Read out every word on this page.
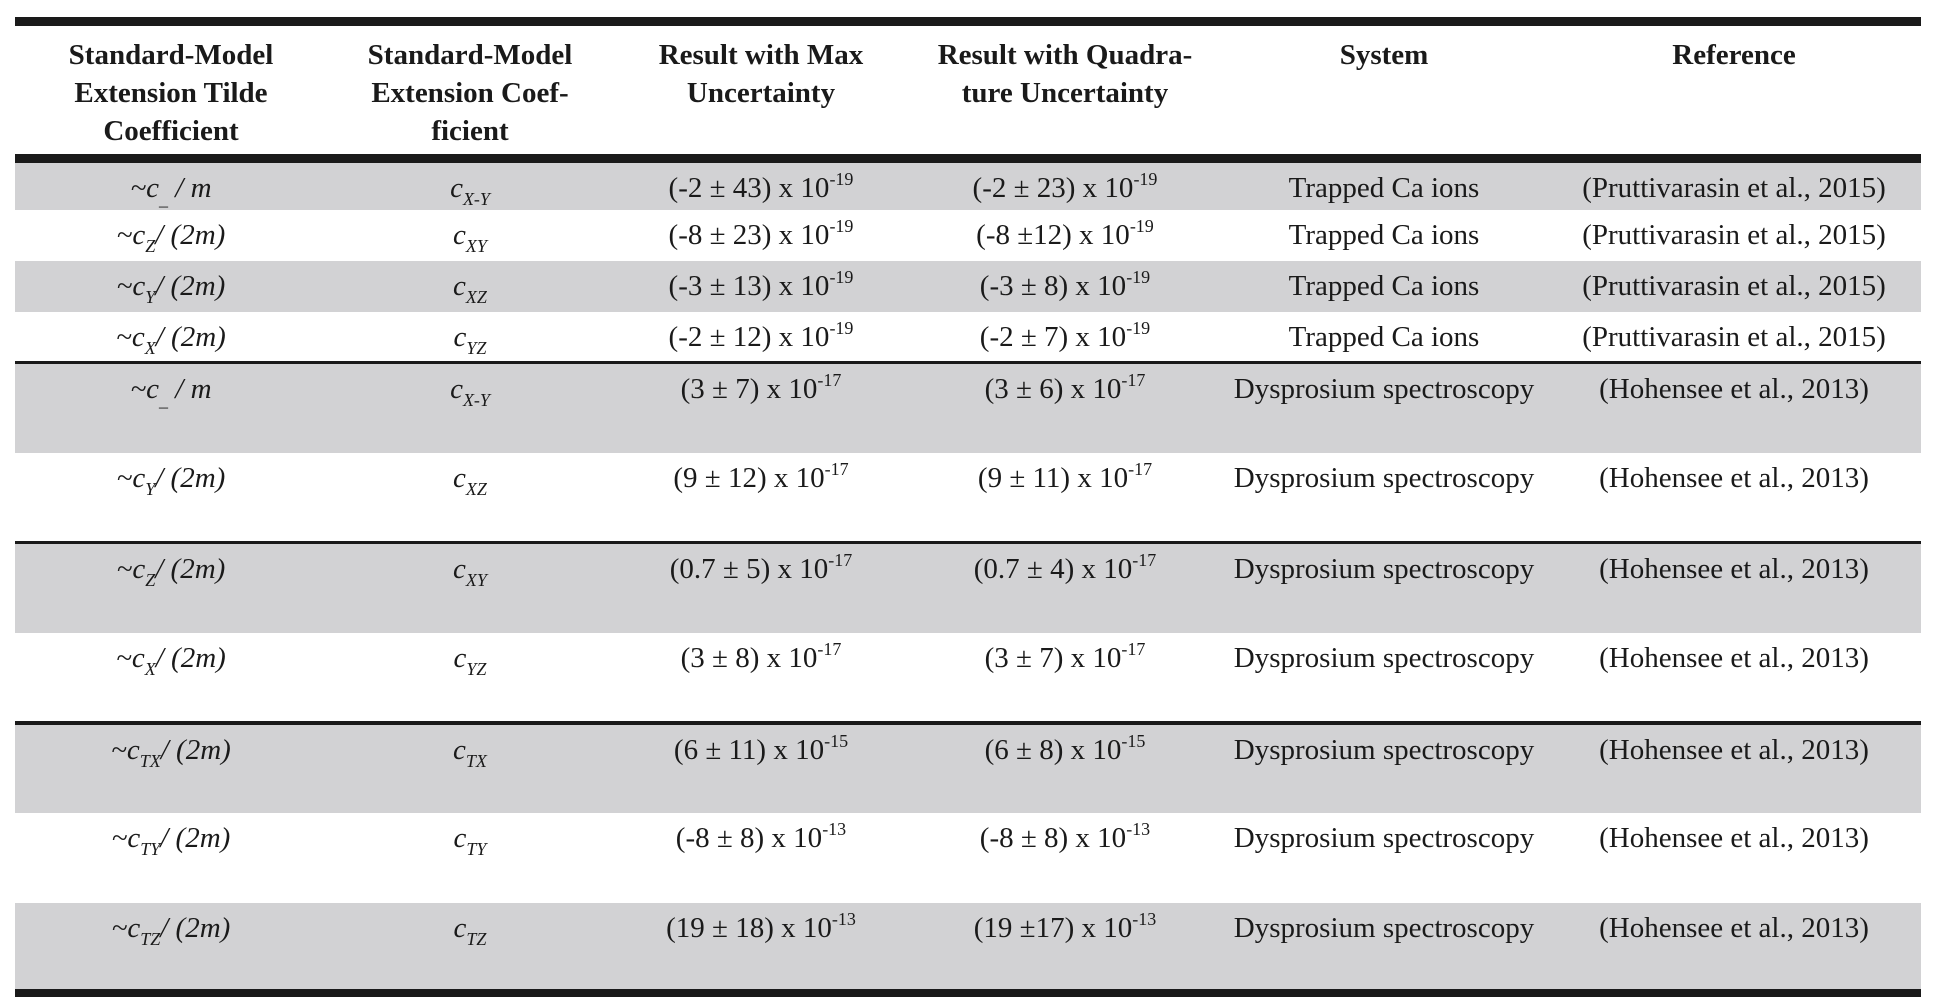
Standard-Model Extension Tilde Coefficient	Standard-Model Extension Coef-ficient	Result with Max Uncertainty	Result with Quadra-ture Uncertainty	System	Reference
$\sim c_{\_}$ / m	$c_{X-Y}$	(-2 ± 43) x $10^{-19}$	(-2 ± 23) x $10^{-19}$	Trapped Ca ions	(Pruttivarasin et al., 2015)
$\sim c_Z/$ (2m)	$c_{XY}$	(-8 ± 23) x $10^{-19}$	(-8 ±12) x $10^{-19}$	Trapped Ca ions	(Pruttivarasin et al., 2015)
$\sim c_Y/$ (2m)	$c_{XZ}$	(-3 ± 13) x $10^{-19}$	(-3 ± 8) x $10^{-19}$	Trapped Ca ions	(Pruttivarasin et al., 2015)
$\sim c_X/$ (2m)	$c_{YZ}$	(-2 ± 12) x $10^{-19}$	(-2 ± 7) x $10^{-19}$	Trapped Ca ions	(Pruttivarasin et al., 2015)
$\sim c_{\_}$ / m	$c_{X-Y}$	(3 ± 7) x $10^{-17}$	(3 ± 6) x $10^{-17}$	Dysprosium spectroscopy	(Hohensee et al., 2013)
$\sim c_Y/$ (2m)	$c_{XZ}$	(9 ± 12) x $10^{-17}$	(9 ± 11) x $10^{-17}$	Dysprosium spectroscopy	(Hohensee et al., 2013)
$\sim c_Z/$ (2m)	$c_{XY}$	(0.7 ± 5) x $10^{-17}$	(0.7 ± 4) x $10^{-17}$	Dysprosium spectroscopy	(Hohensee et al., 2013)
$\sim c_X/$ (2m)	$c_{YZ}$	(3 ± 8) x $10^{-17}$	(3 ± 7) x $10^{-17}$	Dysprosium spectroscopy	(Hohensee et al., 2013)
$\sim c_{TX}/$ (2m)	$c_{TX}$	(6 ± 11) x $10^{-15}$	(6 ± 8) x $10^{-15}$	Dysprosium spectroscopy	(Hohensee et al., 2013)
$\sim c_{TY}/$ (2m)	$c_{TY}$	(-8 ± 8) x $10^{-13}$	(-8 ± 8) x $10^{-13}$	Dysprosium spectroscopy	(Hohensee et al., 2013)
$\sim c_{TZ}/$ (2m)	$c_{TZ}$	(19 ± 18) x $10^{-13}$	(19 ±17) x $10^{-13}$	Dysprosium spectroscopy	(Hohensee et al., 2013)
